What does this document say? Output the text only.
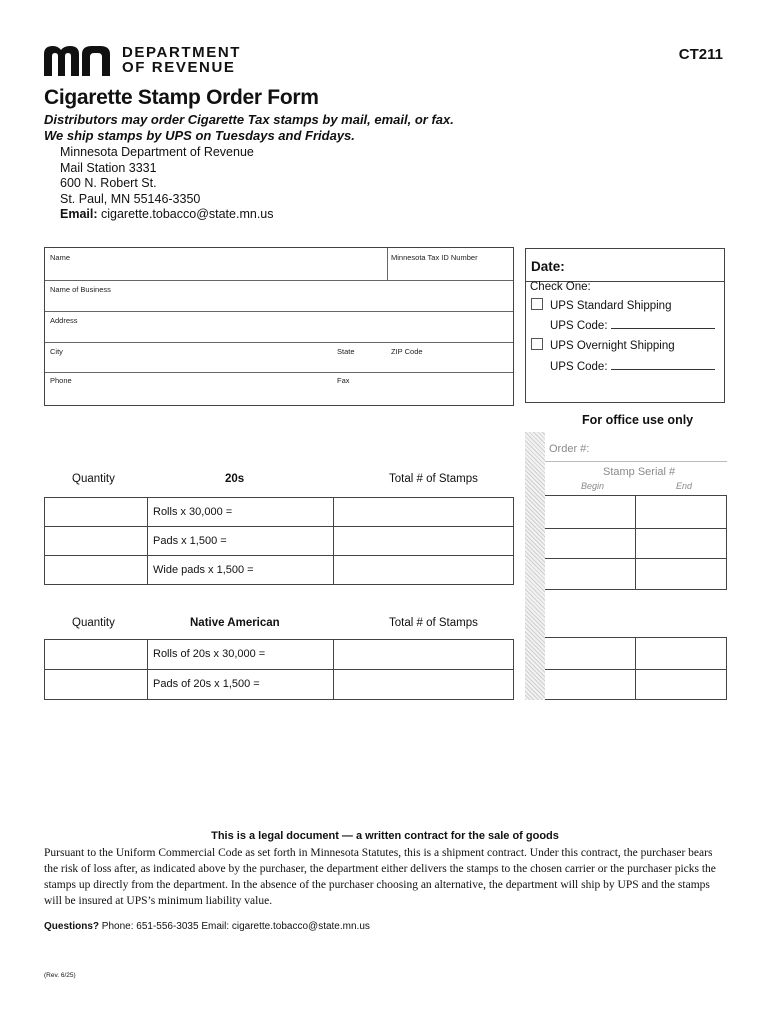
DEPARTMENT
OF REVENUE
CT211
Cigarette Stamp Order Form
Distributors may order Cigarette Tax stamps by mail, email, or fax.
We ship stamps by UPS on Tuesdays and Fridays.
Minnesota Department of Revenue
Mail Station 3331
600 N. Robert St.
St. Paul, MN 55146-3350
Email: cigarette.tobacco@state.mn.us
Name	Minnesota Tax ID Number
Name of Business
Address
City	State	ZIP Code
Phone	Fax
Date:
Check One:
UPS Standard Shipping
UPS Code:
UPS Overnight Shipping
UPS Code:
For office use only
Order #:
Stamp Serial #
Begin	End
Quantity	20s	Total # of Stamps
Rolls x 30,000 =
Pads x 1,500 =
Wide pads x 1,500 =
Quantity	Native American	Total # of Stamps
Rolls of 20s x 30,000 =
Pads of 20s x 1,500 =
This is a legal document — a written contract for the sale of goods
Pursuant to the Uniform Commercial Code as set forth in Minnesota Statutes, this is a shipment contract. Under this contract, the purchaser bears the risk of loss after, as indicated above by the purchaser, the department either delivers the stamps to the chosen carrier or the purchaser picks the stamps up directly from the department. In the absence of the purchaser choosing an alternative, the department will ship by UPS and the stamps will be insured at UPS’s minimum liability value.
Questions? Phone: 651-556-3035 Email: cigarette.tobacco@state.mn.us
(Rev. 6/25)
